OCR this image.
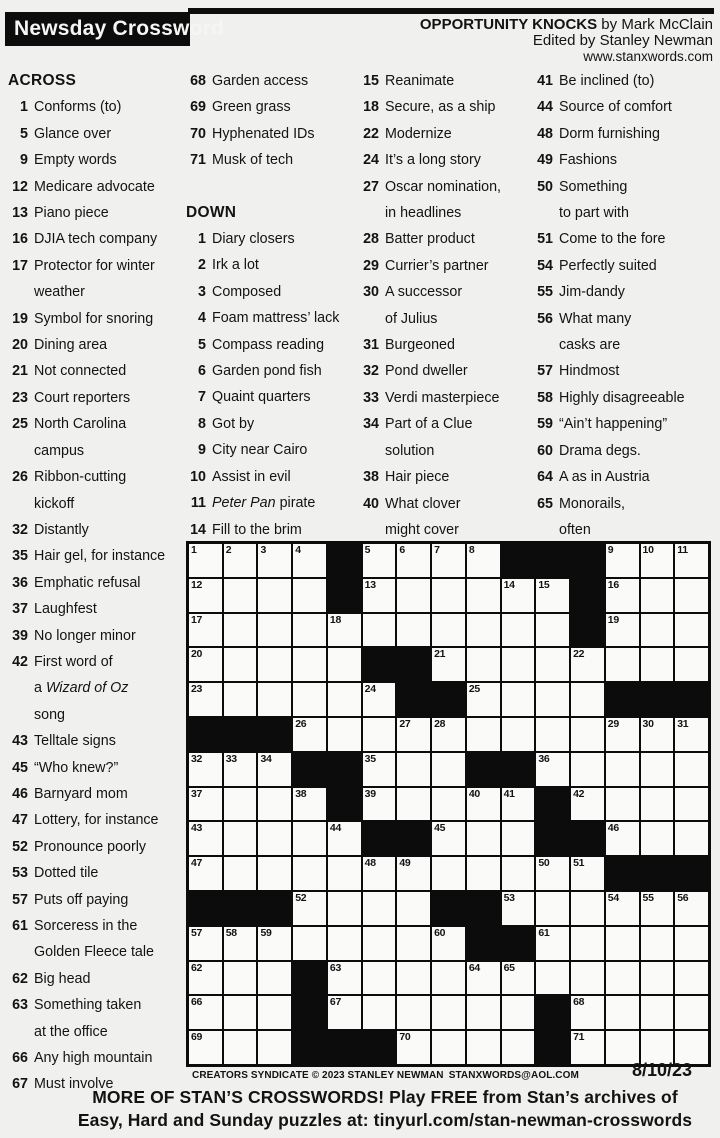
Newsday Crossword	OPPORTUNITY KNOCKS by Mark McClain
Edited by Stanley Newman
www.stanxwords.com
ACROSS
1 Conforms (to)
5 Glance over
9 Empty words
12 Medicare advocate
13 Piano piece
16 DJIA tech company
17 Protector for winter
weather
19 Symbol for snoring
20 Dining area
21 Not connected
23 Court reporters
25 North Carolina
campus
26 Ribbon-cutting
kickoff
32 Distantly
35 Hair gel, for instance
36 Emphatic refusal
37 Laughfest
39 No longer minor
42 First word of
a Wizard of Oz
song
43 Telltale signs
45 “Who knew?”
46 Barnyard mom
47 Lottery, for instance
52 Pronounce poorly
53 Dotted tile
57 Puts off paying
61 Sorceress in the
Golden Fleece tale
62 Big head
63 Something taken
at the office
66 Any high mountain
67 Must involve
68 Garden access
69 Green grass
70 Hyphenated IDs
71 Musk of tech
DOWN
1 Diary closers
2 Irk a lot
3 Composed
4 Foam mattress’ lack
5 Compass reading
6 Garden pond fish
7 Quaint quarters
8 Got by
9 City near Cairo
10 Assist in evil
11 Peter Pan pirate
14 Fill to the brim
15 Reanimate
18 Secure, as a ship
22 Modernize
24 It’s a long story
27 Oscar nomination,
in headlines
28 Batter product
29 Currier’s partner
30 A successor
of Julius
31 Burgeoned
32 Pond dweller
33 Verdi masterpiece
34 Part of a Clue
solution
38 Hair piece
40 What clover
might cover
41 Be inclined (to)
44 Source of comfort
48 Dorm furnishing
49 Fashions
50 Something
to part with
51 Come to the fore
54 Perfectly suited
55 Jim-dandy
56 What many
casks are
57 Hindmost
58 Highly disagreeable
59 “Ain’t happening”
60 Drama degs.
64 A as in Austria
65 Monorails,
often
1	2	3	4	5	6	7	8	9	10 11
12	13	14 15	16
17	18	19
20	21	22
23	24	25
26	27 28	29 30 31
32 33 34	35	36
37	38	39	40 41	42
43	44	45	46
47	48 49	50 51
52	53	54 55 56
57 58 59	60	61
62	63	64 65
66	67	68
69	70	71
CREATORS SYNDICATE © 2023 STANLEY NEWMAN STANXWORDS@AOL.COM	8/10/23
MORE OF STAN’S CROSSWORDS! Play FREE from Stan’s archives of
Easy, Hard and Sunday puzzles at: tinyurl.com/stan-newman-crosswords
